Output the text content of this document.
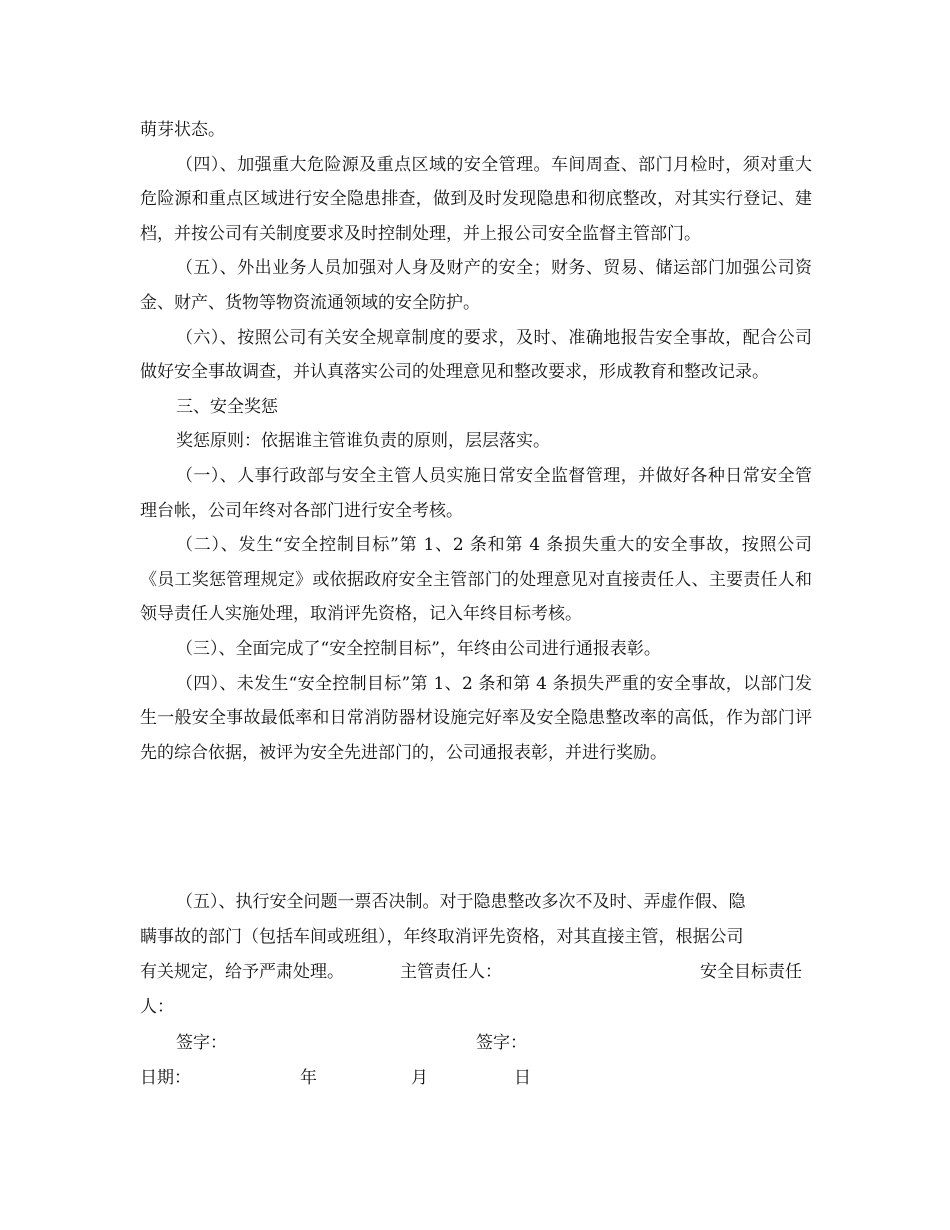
萌芽状态。

（四）、加强重大危险源及重点区域的安全管理。车间周查、部门月检时，须对重大危险源和重点区域进行安全隐患排查，做到及时发现隐患和彻底整改，对其实行登记、建档，并按公司有关制度要求及时控制处理，并上报公司安全监督主管部门。

（五）、外出业务人员加强对人身及财产的安全；财务、贸易、储运部门加强公司资金、财产、货物等物资流通领域的安全防护。

（六）、按照公司有关安全规章制度的要求，及时、准确地报告安全事故，配合公司做好安全事故调查，并认真落实公司的处理意见和整改要求，形成教育和整改记录。

三、安全奖惩

奖惩原则：依据谁主管谁负责的原则，层层落实。

（一）、人事行政部与安全主管人员实施日常安全监督管理，并做好各种日常安全管理台帐，公司年终对各部门进行安全考核。

（二）、发生“安全控制目标”第 1、2 条和第 4 条损失重大的安全事故，按照公司《员工奖惩管理规定》或依据政府安全主管部门的处理意见对直接责任人、主要责任人和领导责任人实施处理，取消评先资格，记入年终目标考核。

（三）、全面完成了“安全控制目标”，年终由公司进行通报表彰。

（四）、未发生“安全控制目标”第 1、2 条和第 4 条损失严重的安全事故，以部门发生一般安全事故最低率和日常消防器材设施完好率及安全隐患整改率的高低，作为部门评先的综合依据，被评为安全先进部门的，公司通报表彰，并进行奖励。

（五）、执行安全问题一票否决制。对于隐患整改多次不及时、弄虚作假、隐
瞒事故的部门（包括车间或班组），年终取消评先资格，对其直接主管，根据公司
有关规定，给予严肃处理。	主管责任人：	安全目标责任
人：
签字：	签字：
日期：	年	月	日
